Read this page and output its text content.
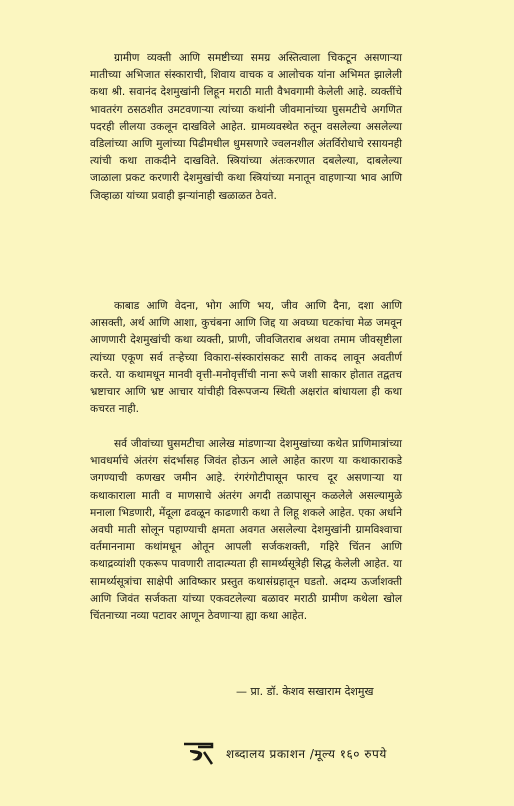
ग्रामीण व्यक्ती आणि समष्टीच्या समग्र अस्तित्वाला चिकटून असणाऱ्या मातीच्या अभिजात संस्काराची, शिवाय वाचक व आलोचक यांना अभिमत झालेली कथा श्री. सवानंद देशमुखांनी लिहून मराठी माती वैभवगामी केलेली आहे. व्यक्तींचे भावतरंग ठसठशीत उमटवणाऱ्या त्यांच्या कथांनी जीवमानांच्या घुसमटीचे अगणित पदरही लीलया उकलून दाखविले आहेत. ग्रामव्यवस्थेत रुतून वसलेल्या असलेल्या वडिलांच्या आणि मुलांच्या पिढीमधील धुमसणारे ज्वलनशील अंतर्विरोधाचे रसायनही त्यांची कथा ताकदीने दाखविते. स्त्रियांच्या अंतःकरणात दबलेल्या, दाबलेल्या जाळाला प्रकट करणारी देशमुखांची कथा स्त्रियांच्या मनातून वाहणाऱ्या भाव आणि जिव्हाळा यांच्या प्रवाही झऱ्यांनाही खळाळत ठेवते.

काबाड आणि वेदना, भोग आणि भय, जीव आणि दैना, दशा आणि आसक्ती, अर्थ आणि आशा, कुचंबना आणि जिद्द या अवघ्या घटकांचा मेळ जमवून आणणारी देशमुखांची कथा व्यक्ती, प्राणी, जीवजितराब अथवा तमाम जीवसृष्टीला त्यांच्या एकूण सर्व तऱ्हेच्या विकारा-संस्कारांसकट सारी ताकद लावून अवतीर्ण करते. या कथामधून मानवी वृत्ती-मनोवृत्तींची नाना रूपे जशी साकार होतात तद्वतच भ्रष्टाचार आणि भ्रष्ट आचार यांचीही विरूपजन्य स्थिती अक्षरांत बांधायला ही कथा कचरत नाही.

सर्व जीवांच्या घुसमटीचा आलेख मांडणाऱ्या देशमुखांच्या कथेत प्राणिमात्रांच्या भावधर्माचे अंतरंग संदर्भासह जिवंत होऊन आले आहेत कारण या कथाकाराकडे जगण्याची कणखर जमीन आहे. रंगरंगोटीपासून फारच दूर असणाऱ्या या कथाकाराला माती व माणसाचे अंतरंग अगदी तळापासून कळलेले असल्यामुळे मनाला भिडणारी, मेंदूला ढवळून काढणारी कथा ते लिहू शकले आहेत. एका अर्धाने अवघी माती सोलून पहाण्याची क्षमता अवगत असलेल्या देशमुखांनी ग्रामविश्वाचा वर्तमाननामा कथांमधून ओतून आपली सर्जकशक्ती, गहिरे चिंतन आणि कथाद्रव्यांशी एकरूप पावणारी तादात्म्यता ही सामर्थ्यसूत्रेही सिद्ध केलेली आहेत. या सामर्थ्यसूत्रांचा साक्षेपी आविष्कार प्रस्तुत कथासंग्रहातून घडतो. अदम्य ऊर्जाशक्ती आणि जिवंत सर्जकता यांच्या एकवटलेल्या बळावर मराठी ग्रामीण कथेला खोल चिंतनाच्या नव्या पटावर आणून ठेवणाऱ्या ह्या कथा आहेत.

— प्रा. डॉ. केशव सखाराम देशमुख
शब्दालय प्रकाशन /मूल्य १६० रुपये
